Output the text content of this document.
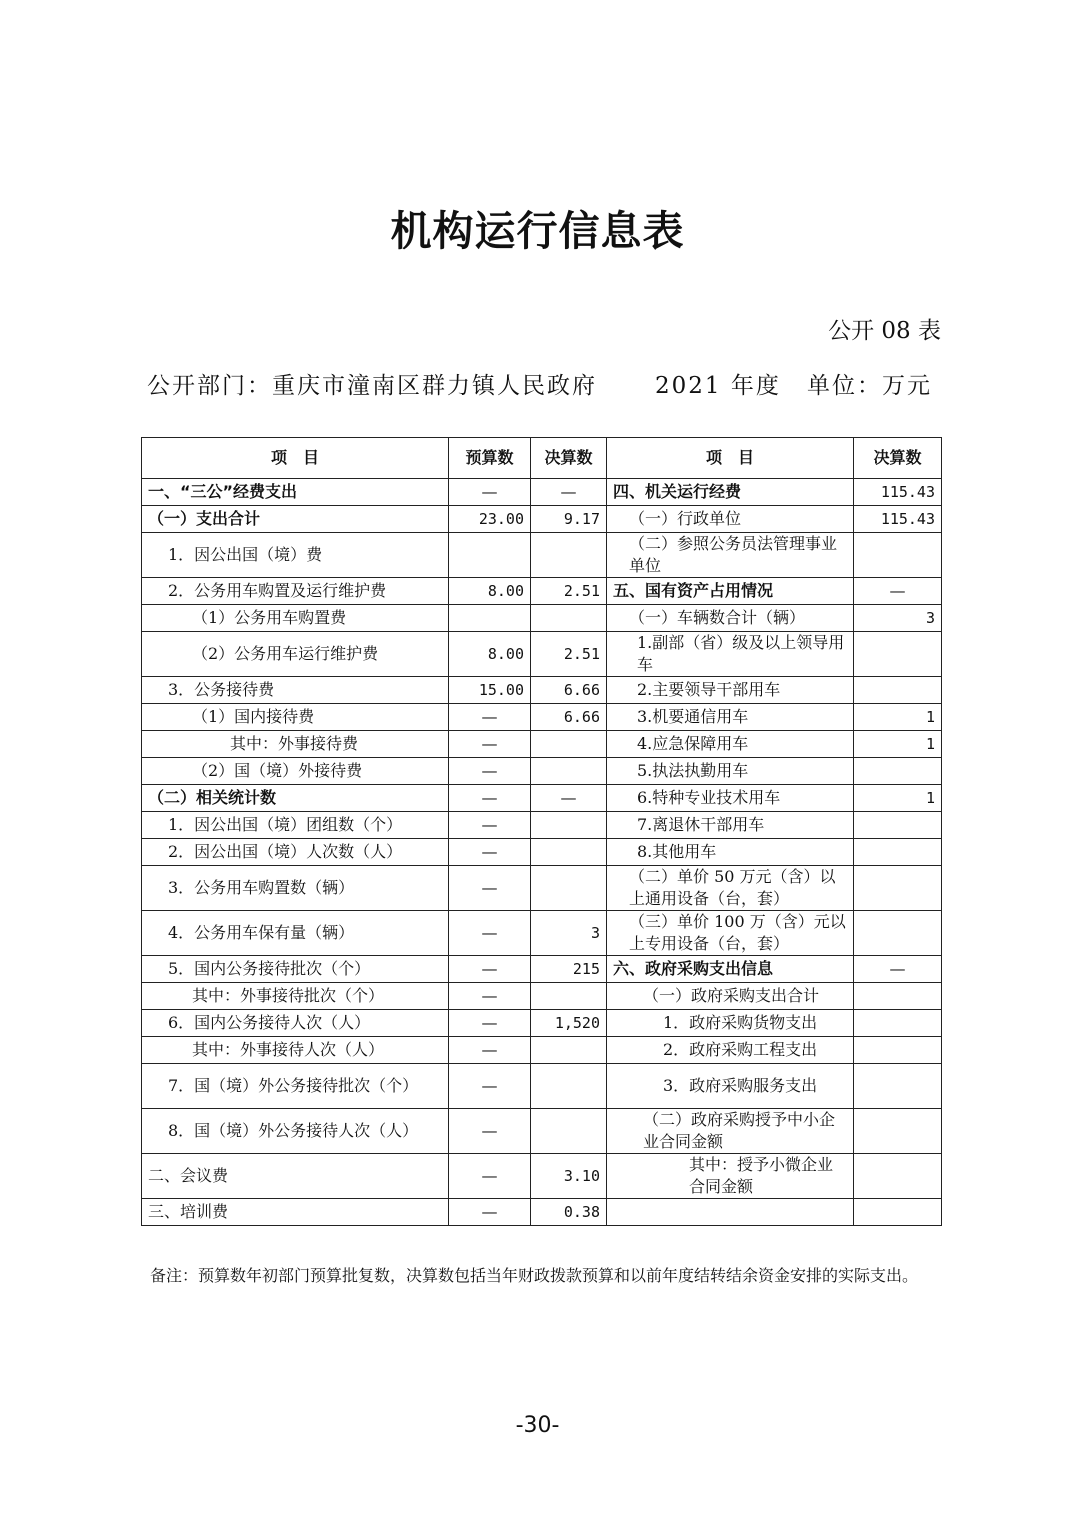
机构运行信息表
公开 08 表
公开部门：重庆市潼南区群力镇人民政府	2021 年度 单位：万元
项　目	预算数	决算数	项　目	决算数
一、“三公”经费支出	—	—	四、机关运行经费	115.43
（一）支出合计	23.00	9.17	（一）行政单位	115.43
1．因公出国（境）费			（二）参照公务员法管理事业单位	
2．公务用车购置及运行维护费	8.00	2.51	五、国有资产占用情况	—
（1）公务用车购置费			（一）车辆数合计（辆）	3
（2）公务用车运行维护费	8.00	2.51	1.副部（省）级及以上领导用车	
3．公务接待费	15.00	6.66	2.主要领导干部用车	
（1）国内接待费	—	6.66	3.机要通信用车	1
其中：外事接待费	—		4.应急保障用车	1
（2）国（境）外接待费	—		5.执法执勤用车	
（二）相关统计数	—	—	6.特种专业技术用车	1
1．因公出国（境）团组数（个）	—		7.离退休干部用车	
2．因公出国（境）人次数（人）	—		8.其他用车	
3．公务用车购置数（辆）	—		（二）单价 50 万元（含）以上通用设备（台，套）	
4．公务用车保有量（辆）	—	3	（三）单价 100 万（含）元以上专用设备（台，套）	
5．国内公务接待批次（个）	—	215	六、政府采购支出信息	—
其中：外事接待批次（个）	—		（一）政府采购支出合计	
6．国内公务接待人次（人）	—	1,520	1．政府采购货物支出	
其中：外事接待人次（人）	—		2．政府采购工程支出	
7．国（境）外公务接待批次（个）	—		3．政府采购服务支出	
8．国（境）外公务接待人次（人）	—		（二）政府采购授予中小企业合同金额	
二、会议费	—	3.10	其中：授予小微企业合同金额	
三、培训费	—	0.38		
备注：预算数年初部门预算批复数，决算数包括当年财政拨款预算和以前年度结转结余资金安排的实际支出。
-30-
